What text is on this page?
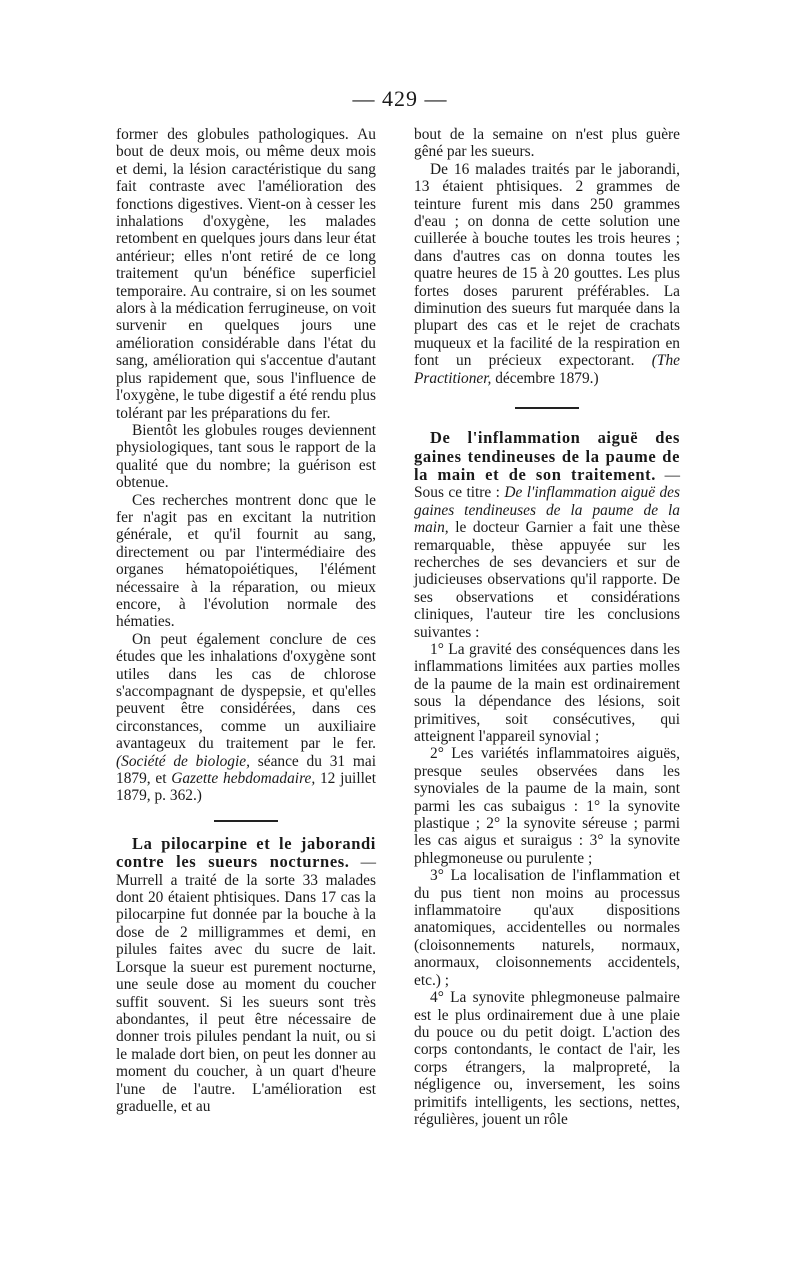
— 429 —

former des globules pathologiques. Au bout de deux mois, ou même deux mois et demi, la lésion caractéristique du sang fait contraste avec l'amélioration des fonctions digestives. Vient-on à cesser les inhalations d'oxygène, les malades retombent en quelques jours dans leur état antérieur; elles n'ont retiré de ce long traitement qu'un bénéfice superficiel temporaire. Au contraire, si on les soumet alors à la médication ferrugineuse, on voit survenir en quelques jours une amélioration considérable dans l'état du sang, amélioration qui s'accentue d'autant plus rapidement que, sous l'influence de l'oxygène, le tube digestif a été rendu plus tolérant par les préparations du fer.

Bientôt les globules rouges deviennent physiologiques, tant sous le rapport de la qualité que du nombre; la guérison est obtenue.

Ces recherches montrent donc que le fer n'agit pas en excitant la nutrition générale, et qu'il fournit au sang, directement ou par l'intermédiaire des organes hématopoiétiques, l'élément nécessaire à la réparation, ou mieux encore, à l'évolution normale des hématies.

On peut également conclure de ces études que les inhalations d'oxygène sont utiles dans les cas de chlorose s'accompagnant de dyspepsie, et qu'elles peuvent être considérées, dans ces circonstances, comme un auxiliaire avantageux du traitement par le fer. (Société de biologie, séance du 31 mai 1879, et Gazette hebdomadaire, 12 juillet 1879, p. 362.)

La pilocarpine et le jaborandi contre les sueurs nocturnes. — Murrell a traité de la sorte 33 malades dont 20 étaient phtisiques. Dans 17 cas la pilocarpine fut donnée par la bouche à la dose de 2 milligrammes et demi, en pilules faites avec du sucre de lait. Lorsque la sueur est purement nocturne, une seule dose au moment du coucher suffit souvent. Si les sueurs sont très abondantes, il peut être nécessaire de donner trois pilules pendant la nuit, ou si le malade dort bien, on peut les donner au moment du coucher, à un quart d'heure l'une de l'autre. L'amélioration est graduelle, et au

bout de la semaine on n'est plus guère gêné par les sueurs.

De 16 malades traités par le jaborandi, 13 étaient phtisiques. 2 grammes de teinture furent mis dans 250 grammes d'eau ; on donna de cette solution une cuillerée à bouche toutes les trois heures ; dans d'autres cas on donna toutes les quatre heures de 15 à 20 gouttes. Les plus fortes doses parurent préférables. La diminution des sueurs fut marquée dans la plupart des cas et le rejet de crachats muqueux et la facilité de la respiration en font un précieux expectorant. (The Practitioner, décembre 1879.)

De l'inflammation aiguë des gaines tendineuses de la paume de la main et de son traitement. — Sous ce titre : De l'inflammation aiguë des gaines tendineuses de la paume de la main, le docteur Garnier a fait une thèse remarquable, thèse appuyée sur les recherches de ses devanciers et sur de judicieuses observations qu'il rapporte. De ses observations et considérations cliniques, l'auteur tire les conclusions suivantes :

1° La gravité des conséquences dans les inflammations limitées aux parties molles de la paume de la main est ordinairement sous la dépendance des lésions, soit primitives, soit consécutives, qui atteignent l'appareil synovial ;

2° Les variétés inflammatoires aiguës, presque seules observées dans les synoviales de la paume de la main, sont parmi les cas subaigus : 1° la synovite plastique ; 2° la synovite séreuse ; parmi les cas aigus et suraigus : 3° la synovite phlegmoneuse ou purulente ;

3° La localisation de l'inflammation et du pus tient non moins au processus inflammatoire qu'aux dispositions anatomiques, accidentelles ou normales (cloisonnements naturels, normaux, anormaux, cloisonnements accidentels, etc.) ;

4° La synovite phlegmoneuse palmaire est le plus ordinairement due à une plaie du pouce ou du petit doigt. L'action des corps contondants, le contact de l'air, les corps étrangers, la malpropreté, la négligence ou, inversement, les soins primitifs intelligents, les sections, nettes, régulières, jouent un rôle
